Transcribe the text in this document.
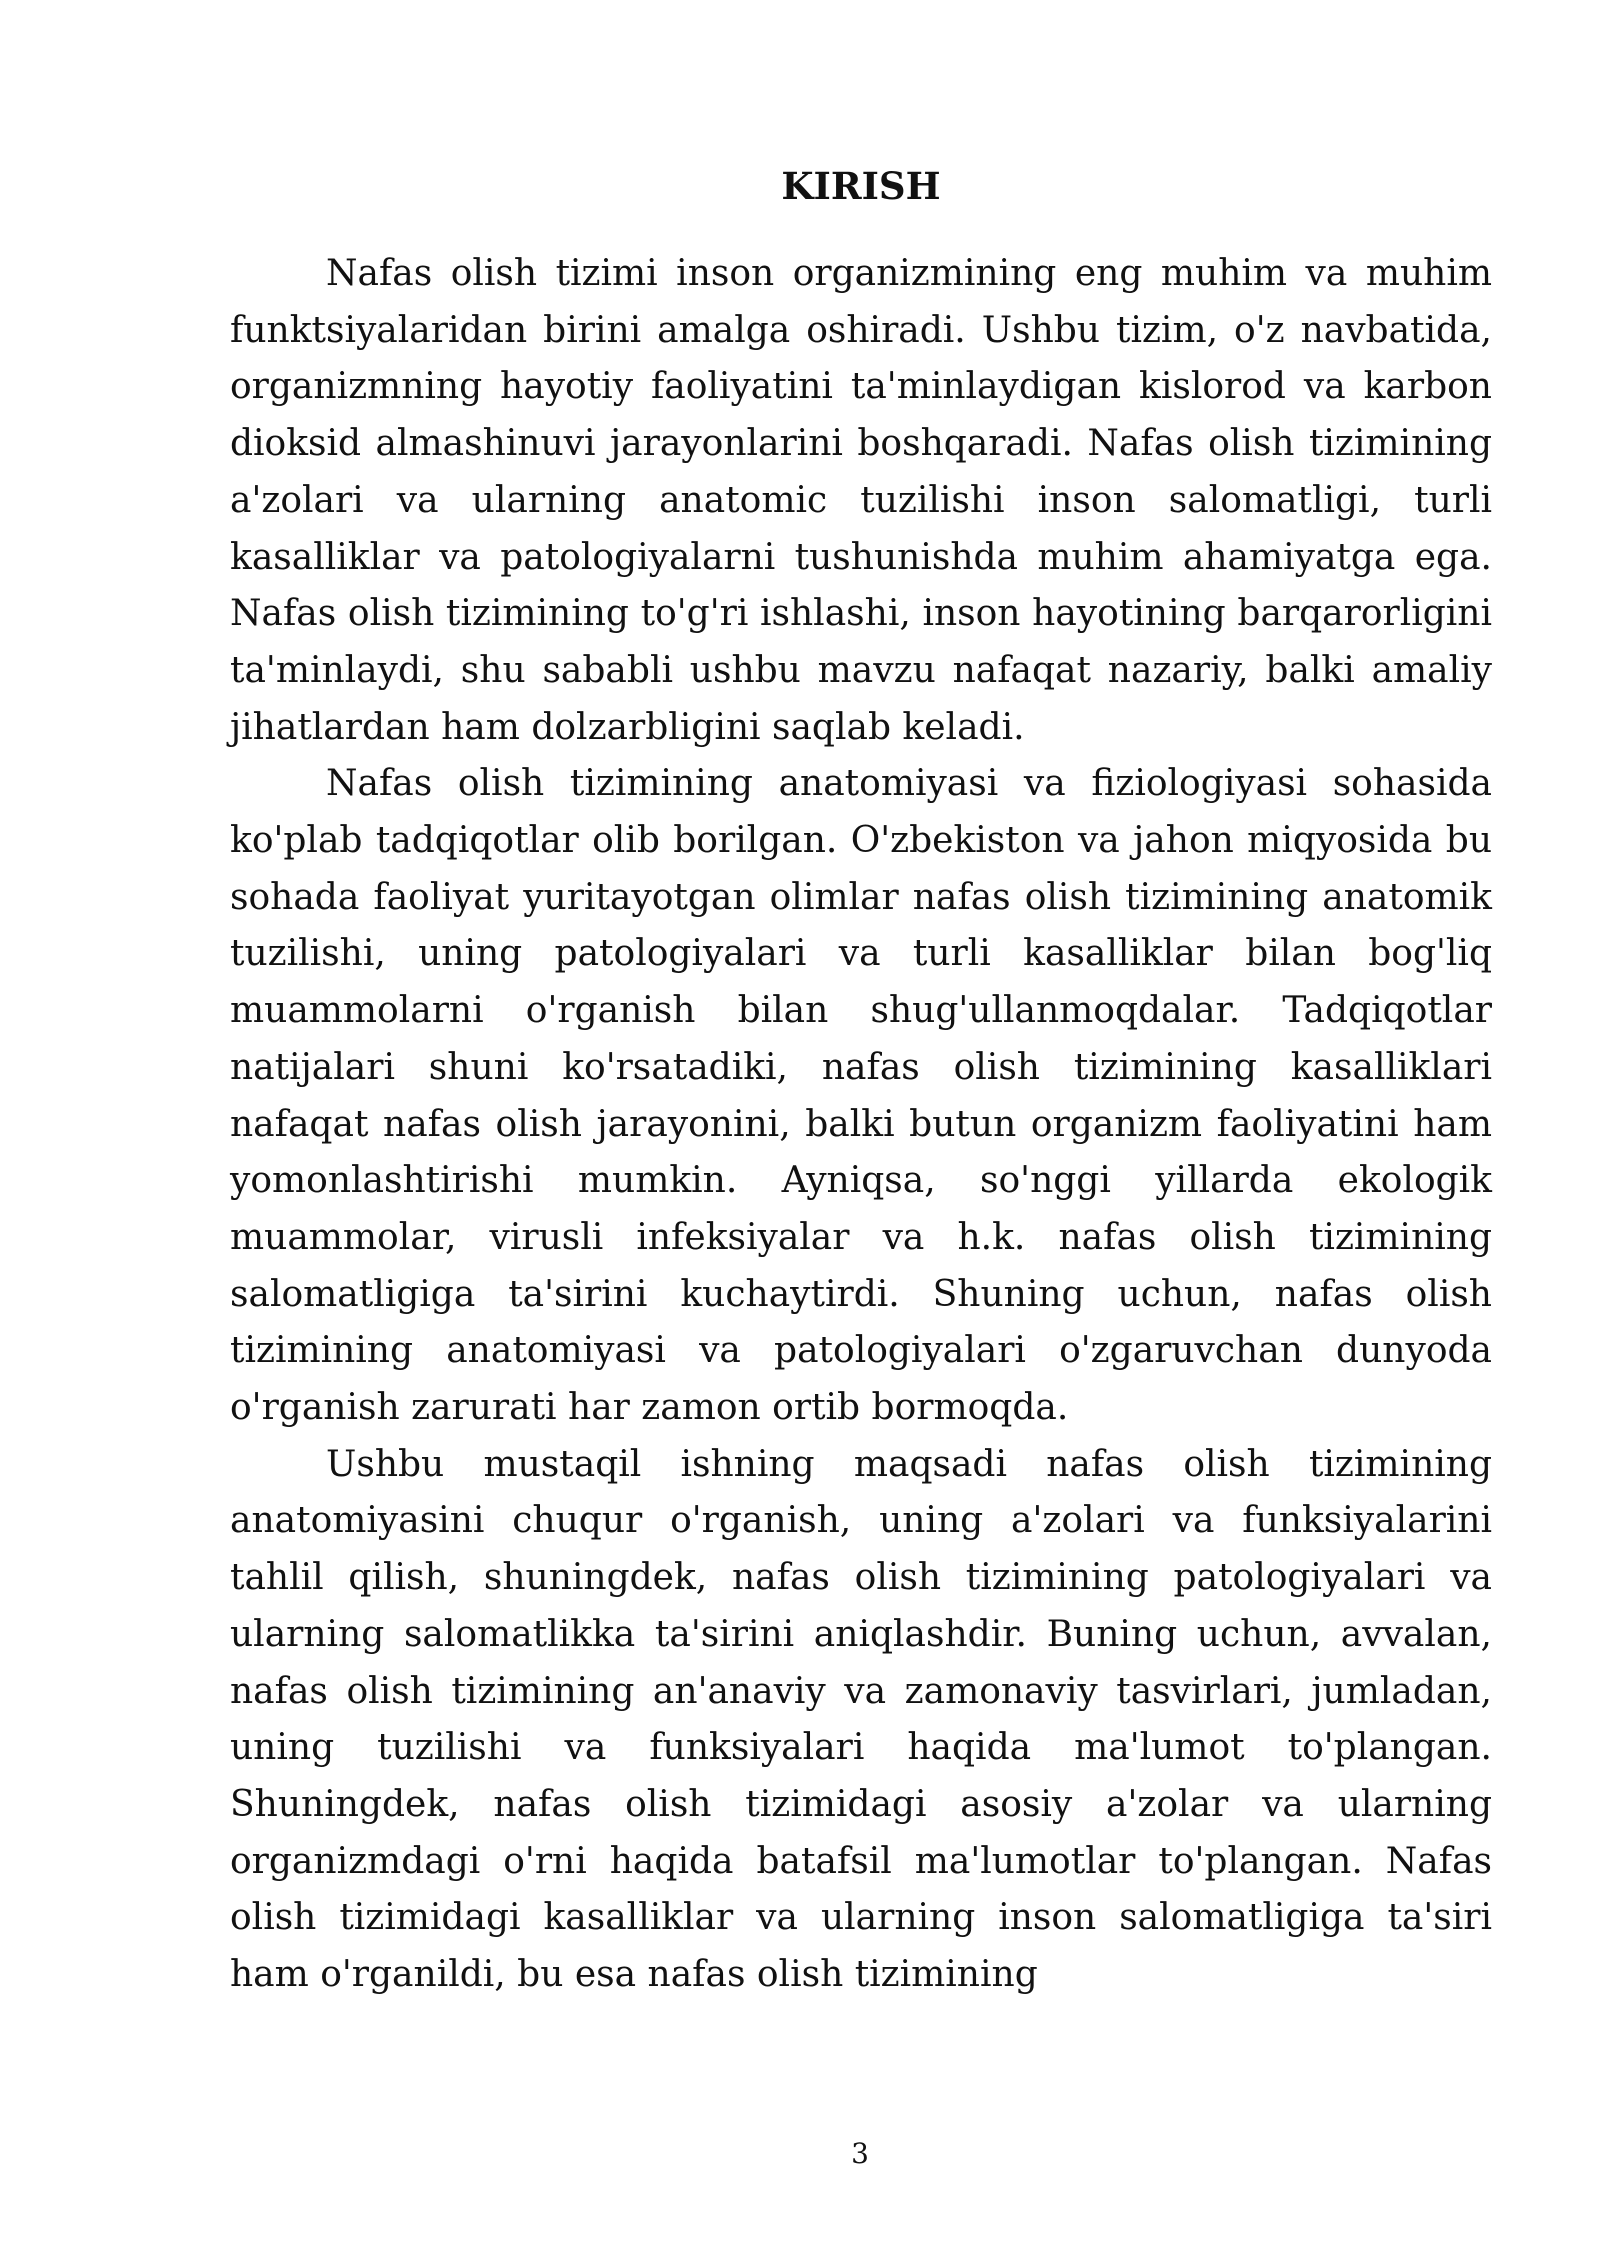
KIRISH

Nafas olish tizimi inson organizmining eng muhim va muhim funktsiyalaridan birini amalga oshiradi. Ushbu tizim, o'z navbatida, organizmning hayotiy faoliyatini ta'minlaydigan kislorod va karbon dioksid almashinuvi jarayonlarini boshqaradi. Nafas olish tizimining a'zolari va ularning anatomic tuzilishi inson salomatligi, turli kasalliklar va patologiyalarni tushunishda muhim ahamiyatga ega. Nafas olish tizimining to'g'ri ishlashi, inson hayotining barqarorligini ta'minlaydi, shu sababli ushbu mavzu nafaqat nazariy, balki amaliy jihatlardan ham dolzarbligini saqlab keladi.

Nafas olish tizimining anatomiyasi va fiziologiyasi sohasida ko'plab tadqiqotlar olib borilgan. O'zbekiston va jahon miqyosida bu sohada faoliyat yuritayotgan olimlar nafas olish tizimining anatomik tuzilishi, uning patologiyalari va turli kasalliklar bilan bog'liq muammolarni o'rganish bilan shug'ullanmoqdalar. Tadqiqotlar natijalari shuni ko'rsatadiki, nafas olish tizimining kasalliklari nafaqat nafas olish jarayonini, balki butun organizm faoliyatini ham yomonlashtirishi mumkin. Ayniqsa, so'nggi yillarda ekologik muammolar, virusli infeksiyalar va h.k. nafas olish tizimining salomatligiga ta'sirini kuchaytirdi. Shuning uchun, nafas olish tizimining anatomiyasi va patologiyalari o'zgaruvchan dunyoda o'rganish zarurati har zamon ortib bormoqda.

Ushbu mustaqil ishning maqsadi nafas olish tizimining anatomiyasini chuqur o'rganish, uning a'zolari va funksiyalarini tahlil qilish, shuningdek, nafas olish tizimining patologiyalari va ularning salomatlikka ta'sirini aniqlashdir. Buning uchun, avvalan, nafas olish tizimining an'anaviy va zamonaviy tasvirlari, jumladan, uning tuzilishi va funksiyalari haqida ma'lumot to'plangan. Shuningdek, nafas olish tizimidagi asosiy a'zolar va ularning organizmdagi o'rni haqida batafsil ma'lumotlar to'plangan. Nafas olish tizimidagi kasalliklar va ularning inson salomatligiga ta'siri ham o'rganildi, bu esa nafas olish tizimining

3
